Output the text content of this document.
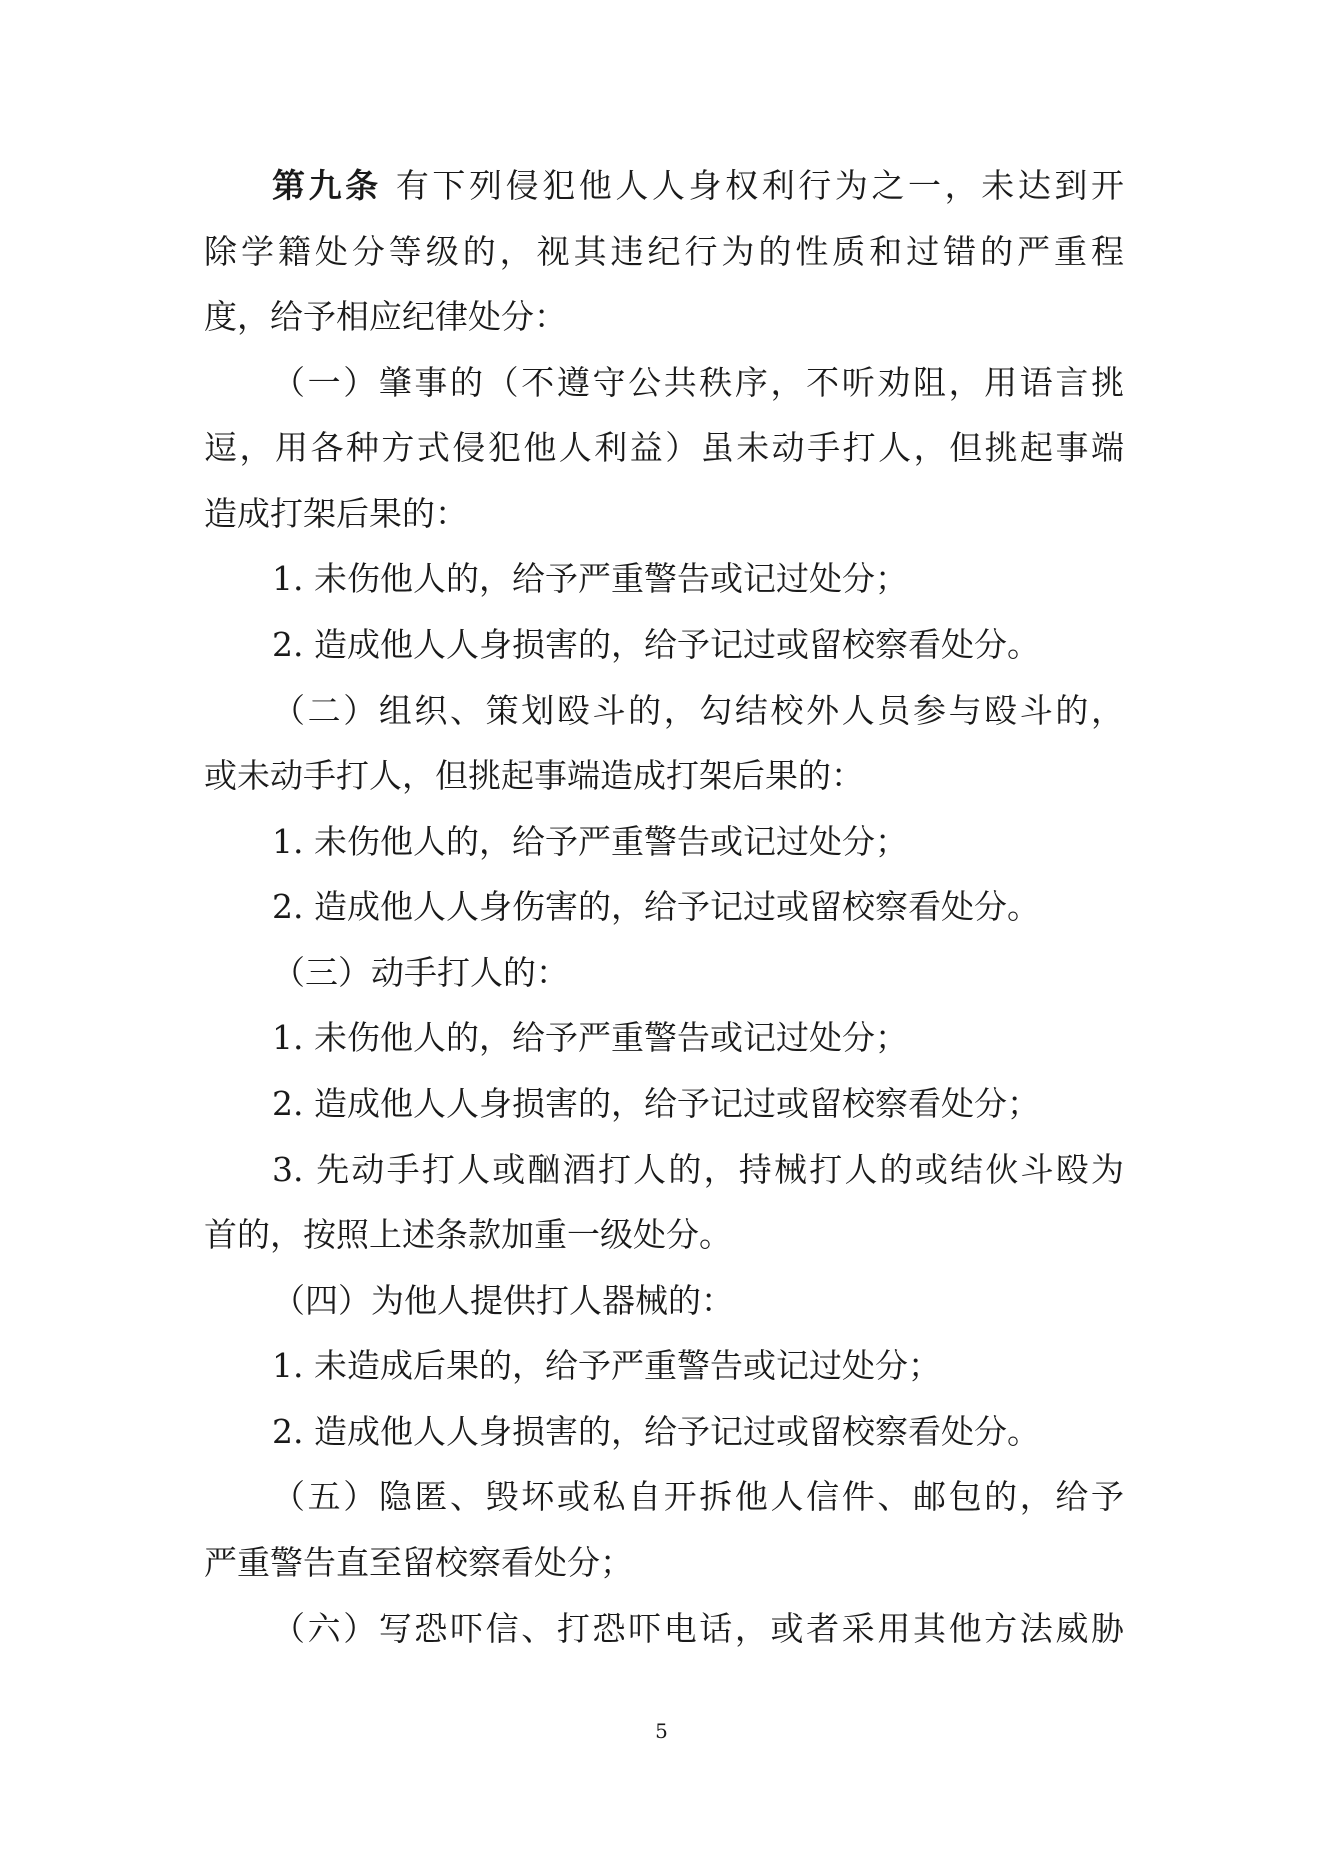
第九条 有下列侵犯他人人身权利行为之一，未达到开
除学籍处分等级的，视其违纪行为的性质和过错的严重程
度，给予相应纪律处分：
（一）肇事的（不遵守公共秩序，不听劝阻，用语言挑
逗，用各种方式侵犯他人利益）虽未动手打人，但挑起事端
造成打架后果的：
1. 未伤他人的，给予严重警告或记过处分；
2. 造成他人人身损害的，给予记过或留校察看处分。
（二）组织、策划殴斗的，勾结校外人员参与殴斗的，
或未动手打人，但挑起事端造成打架后果的：
1. 未伤他人的，给予严重警告或记过处分；
2. 造成他人人身伤害的，给予记过或留校察看处分。
（三）动手打人的：
1. 未伤他人的，给予严重警告或记过处分；
2. 造成他人人身损害的，给予记过或留校察看处分；
3. 先动手打人或酗酒打人的，持械打人的或结伙斗殴为
首的，按照上述条款加重一级处分。
（四）为他人提供打人器械的：
1. 未造成后果的，给予严重警告或记过处分；
2. 造成他人人身损害的，给予记过或留校察看处分。
（五）隐匿、毁坏或私自开拆他人信件、邮包的，给予
严重警告直至留校察看处分；
（六）写恐吓信、打恐吓电话，或者采用其他方法威胁
5
